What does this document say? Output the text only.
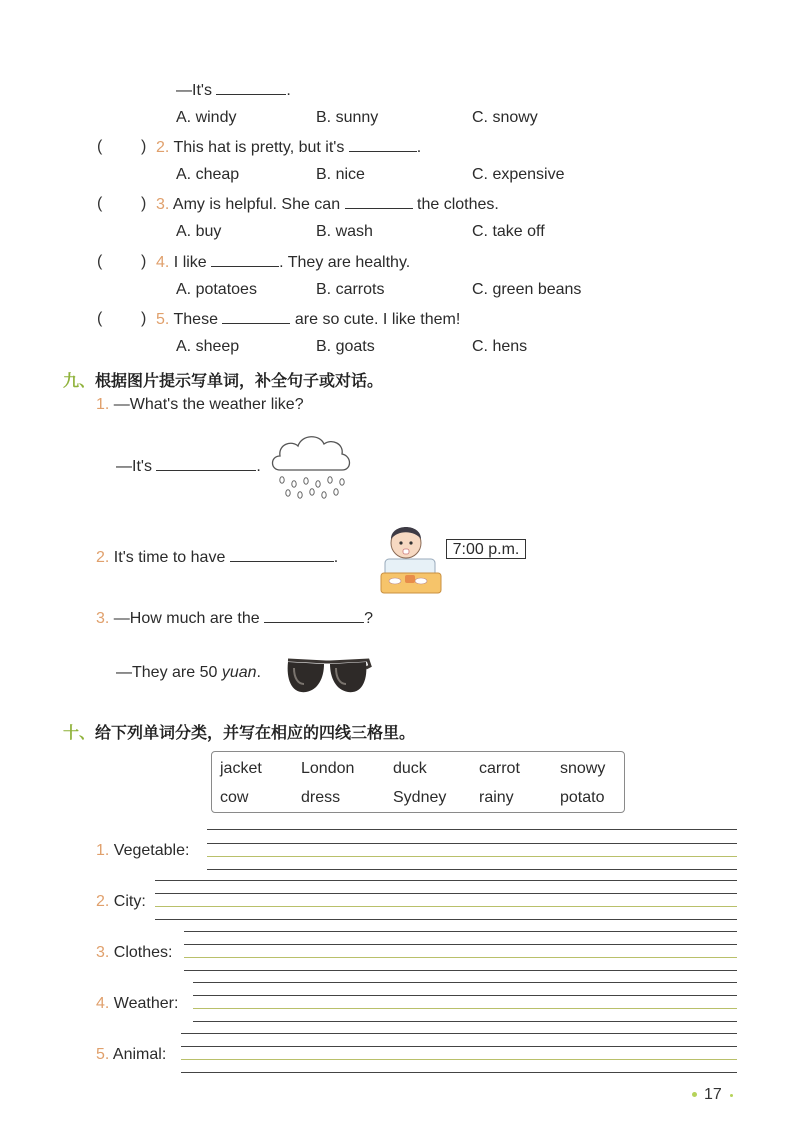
—It's	.
A. windy	B. sunny	C. snowy
( ) 2. This hat is pretty, but it's	.
A. cheap	B. nice	C. expensive
( ) 3. Amy is helpful. She can	the clothes.
A. buy	B. wash	C. take off
( ) 4. I like	. They are healthy.
A. potatoes	B. carrots	C. green beans
( ) 5. These	are so cute. I like them!
A. sheep	B. goats	C. hens
九、根据图片提示写单词，补全句子或对话。
1. —What's the weather like?
—It's	.
2. It's time to have	.	7:00 p.m.
3. —How much are the	?
—They are 50 yuan.
十、给下列单词分类，并写在相应的四线三格里。
jacket London duck	carrot	snowy
cow	dress	Sydney rainy	potato
1. Vegetable:
2. City:
3. Clothes:
4. Weather:
5. Animal:
17
